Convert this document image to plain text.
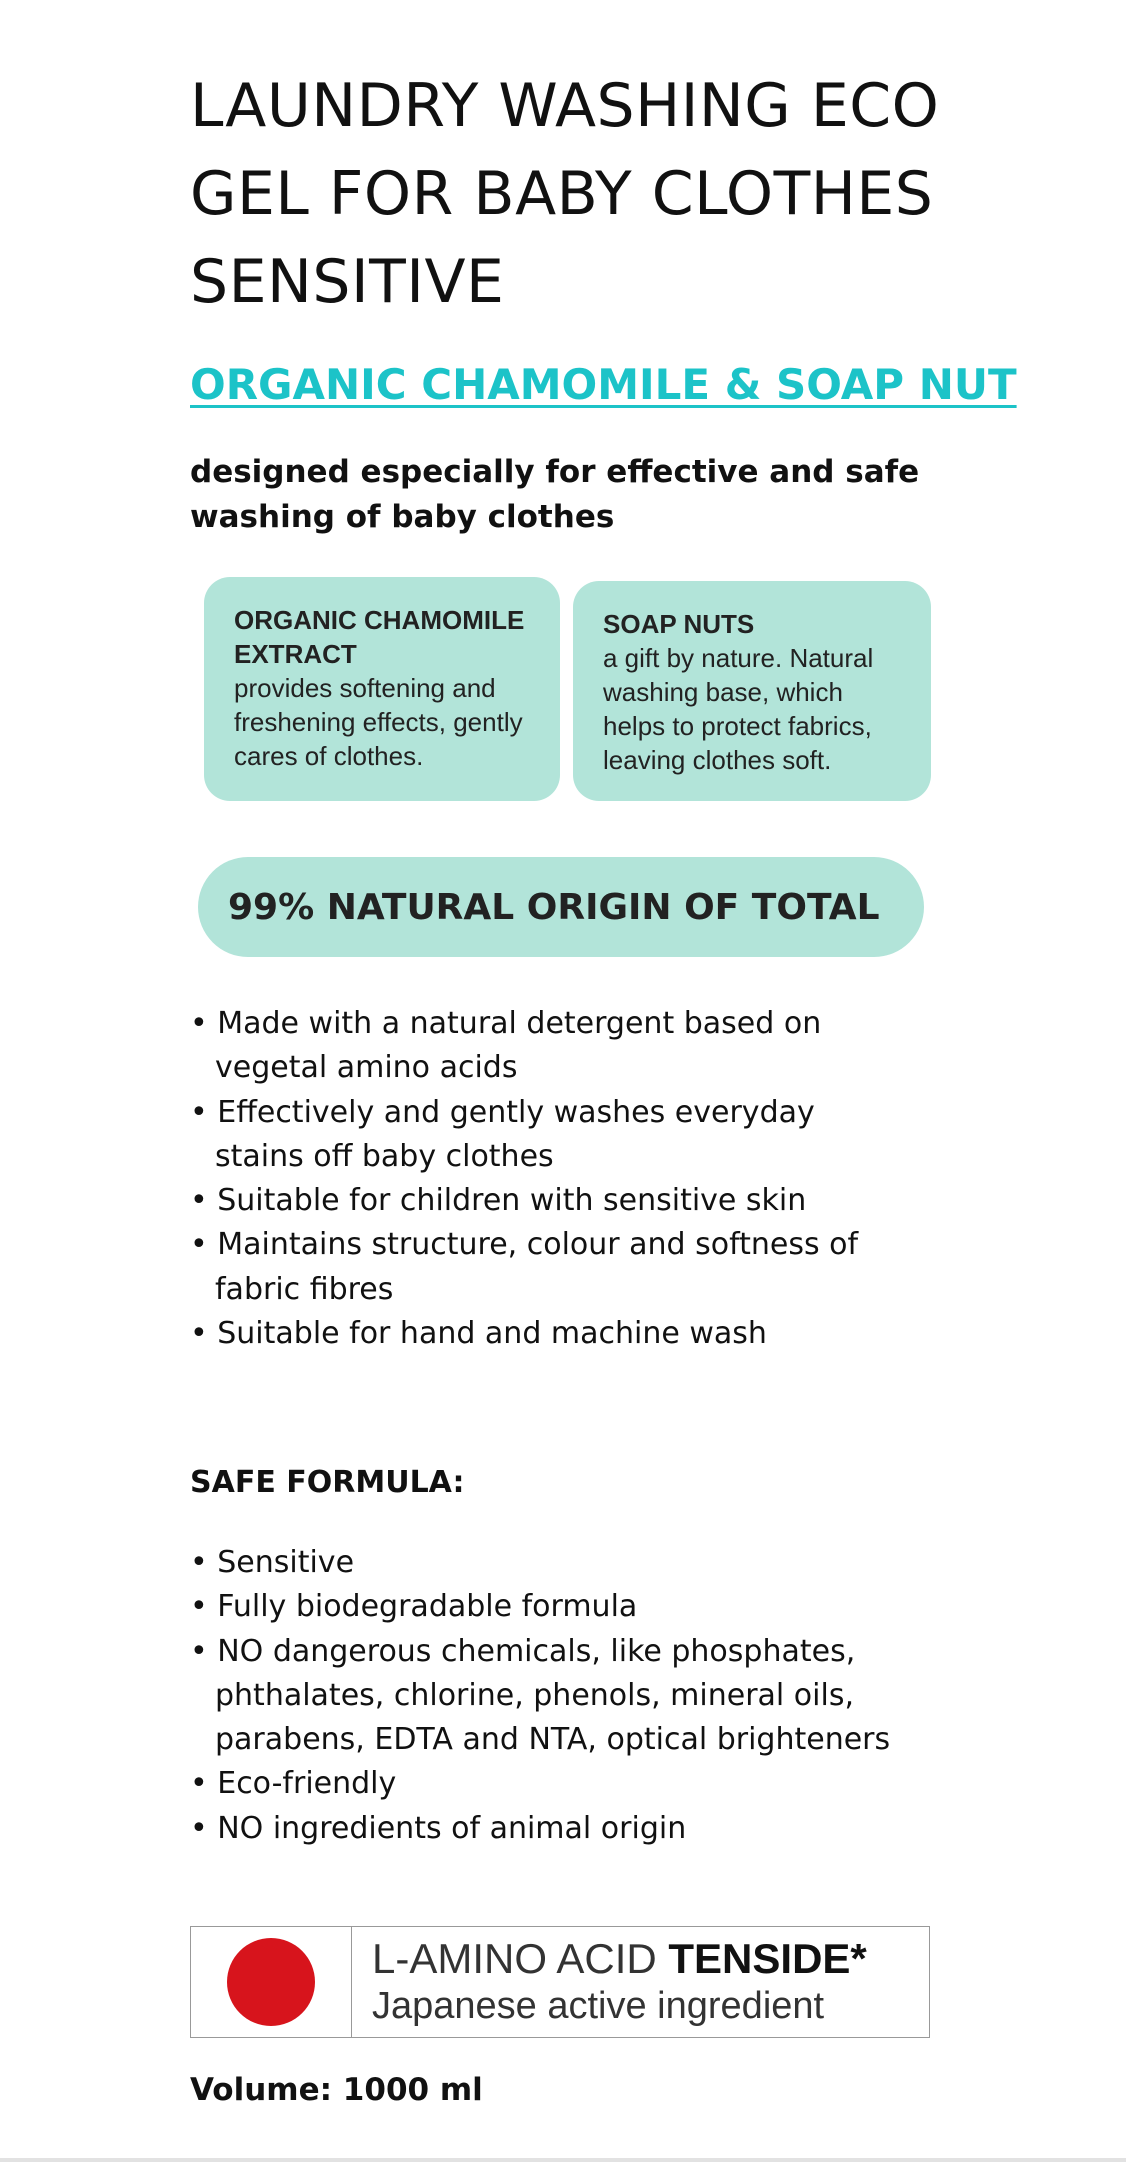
LAUNDRY WASHING ECO GEL FOR BABY CLOTHES SENSITIVE
ORGANIC CHAMOMILE & SOAP NUT

designed especially for effective and safe washing of baby clothes

ORGANIC CHAMOMILE EXTRACT
provides softening and freshening effects, gently cares of clothes.
SOAP NUTS
a gift by nature. Natural washing base, which helps to protect fabrics, leaving clothes soft.
99% NATURAL ORIGIN OF TOTAL
• Made with a natural detergent based on vegetal amino acids
• Effectively and gently washes everyday stains off baby clothes
• Suitable for children with sensitive skin
• Maintains structure, colour and softness of fabric fibres
• Suitable for hand and machine wash
SAFE FORMULA:
• Sensitive
• Fully biodegradable formula
• NO dangerous chemicals, like phosphates, phthalates, chlorine, phenols, mineral oils, parabens, EDTA and NTA, optical brighteners
• Eco-friendly
• NO ingredients of animal origin
L-AMINO ACID TENSIDE*
Japanese active ingredient

Volume: 1000 ml
